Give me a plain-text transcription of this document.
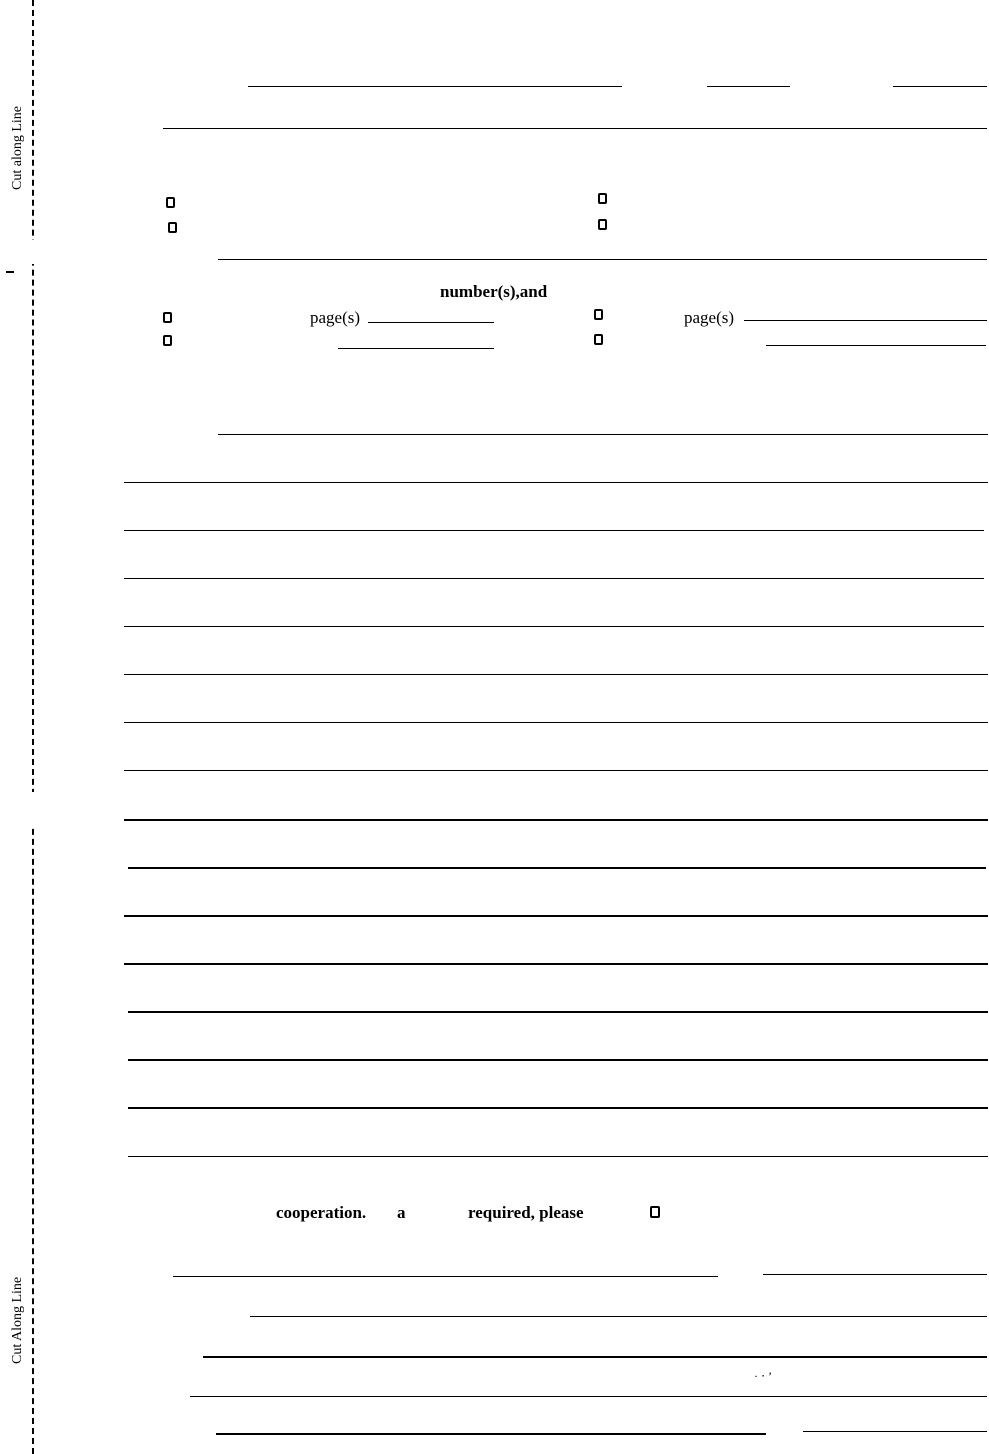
Cut along Line
Cut Along Line
number(s),and
page(s)	page(s)
cooperation. a	required, please
· ⋅ ’
